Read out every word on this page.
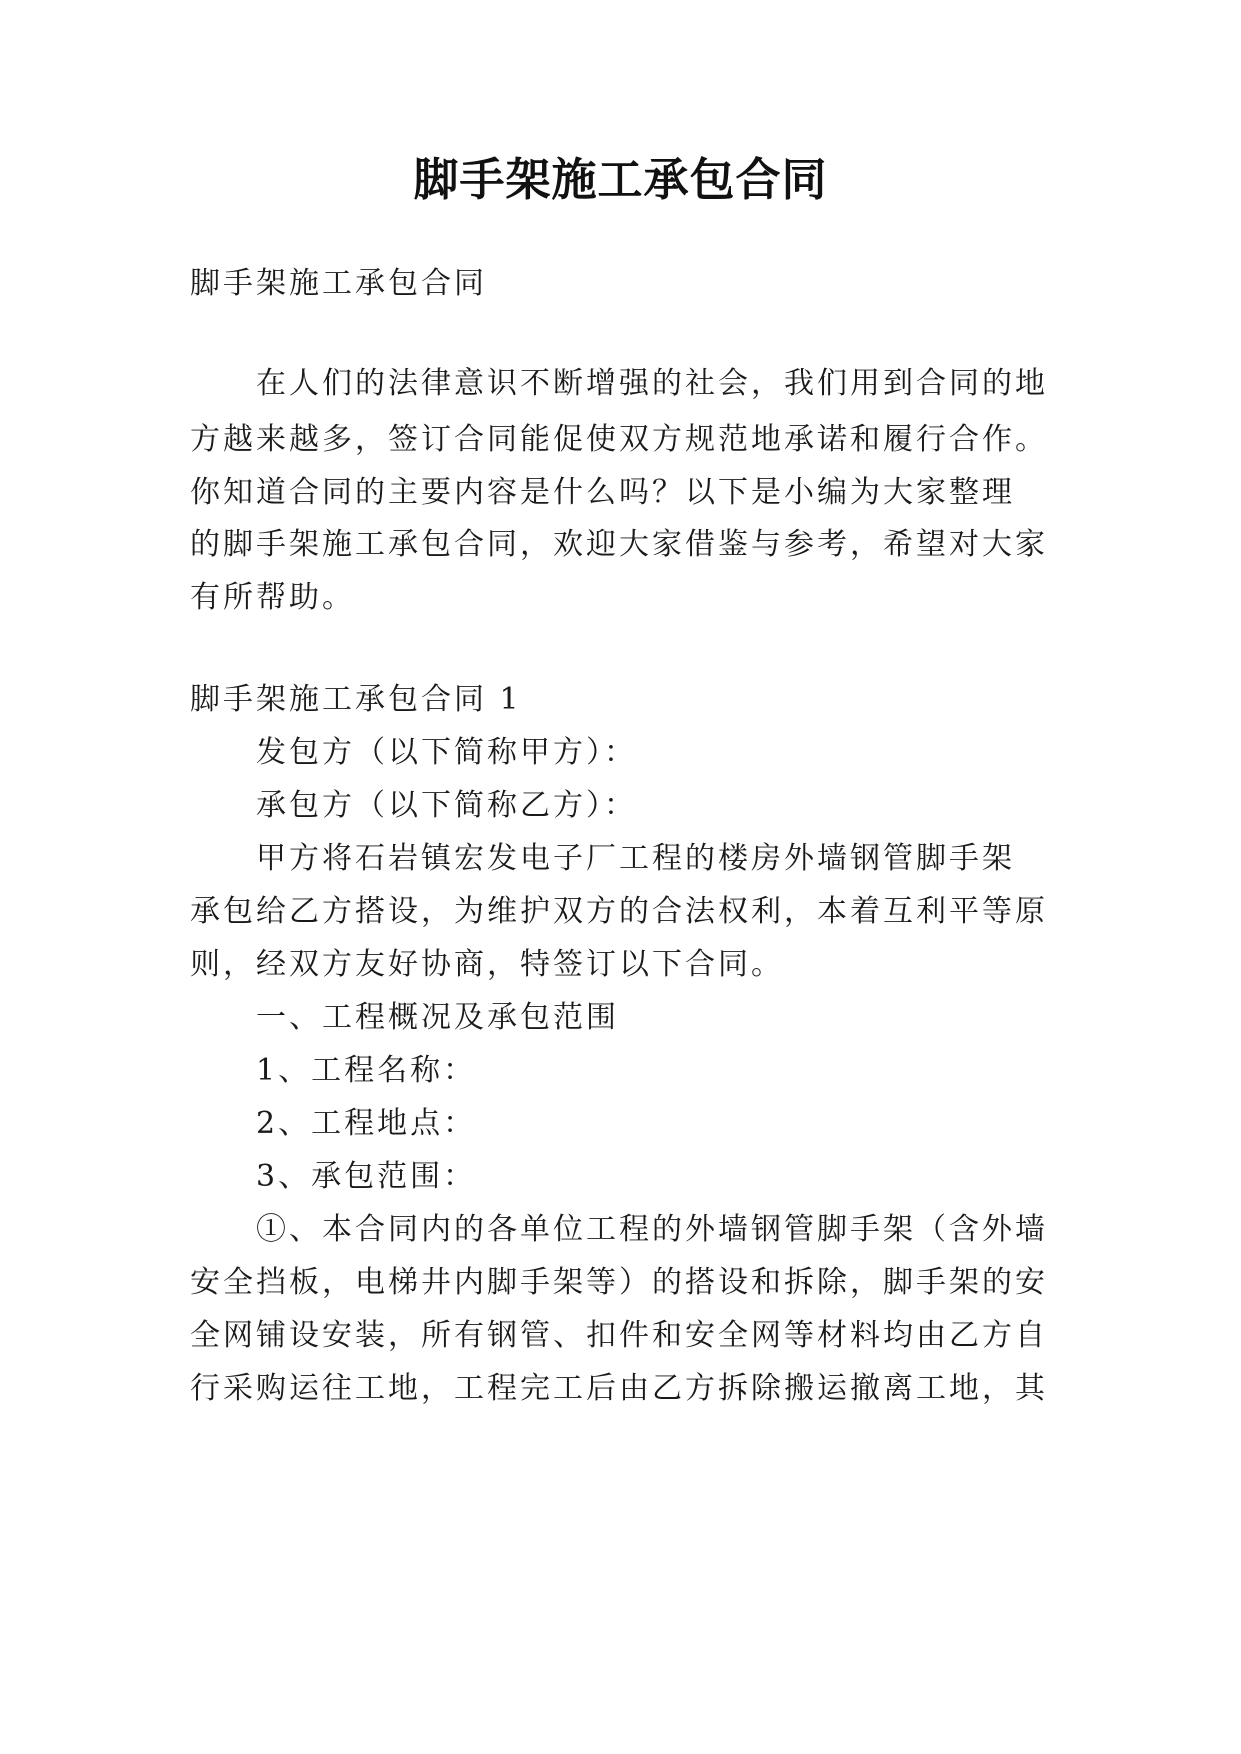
脚手架施工承包合同
脚手架施工承包合同
在人们的法律意识不断增强的社会，我们用到合同的地
方越来越多，签订合同能促使双方规范地承诺和履行合作。
你知道合同的主要内容是什么吗？以下是小编为大家整理
的脚手架施工承包合同，欢迎大家借鉴与参考，希望对大家
有所帮助。
脚手架施工承包合同 1
发包方（以下简称甲方）：
承包方（以下简称乙方）：
甲方将石岩镇宏发电子厂工程的楼房外墙钢管脚手架
承包给乙方搭设，为维护双方的合法权利，本着互利平等原
则，经双方友好协商，特签订以下合同。
一、工程概况及承包范围
1、工程名称：
2、工程地点：
3、承包范围：
①、本合同内的各单位工程的外墙钢管脚手架（含外墙
安全挡板，电梯井内脚手架等）的搭设和拆除，脚手架的安
全网铺设安装，所有钢管、扣件和安全网等材料均由乙方自
行采购运往工地，工程完工后由乙方拆除搬运撤离工地，其
